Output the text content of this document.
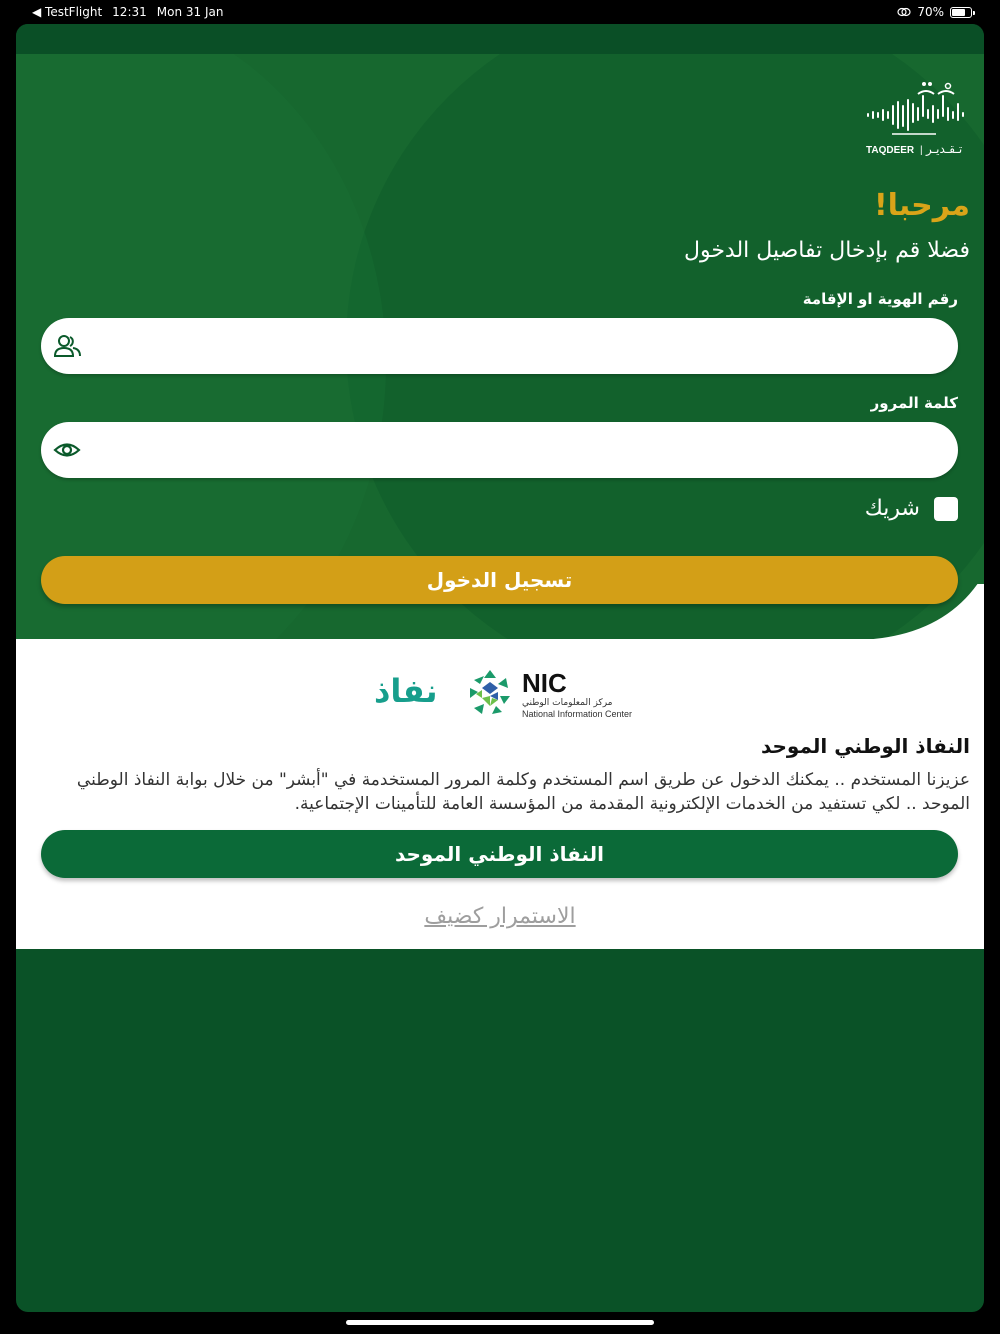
◀ TestFlight 12:31 Mon 31 Jan	70%
TAQDEER | تـقـديـر
مرحبا!
فضلا قم بإدخال تفاصيل الدخول
رقم الهوية او الإقامة
كلمة المرور
شريك
تسجيل الدخول
نفاذ	NIC
مركز المعلومات الوطني
National Information Center
النفاذ الوطني الموحد
عزيزنا المستخدم .. يمكنك الدخول عن طريق اسم المستخدم وكلمة المرور المستخدمة في "أبشر" من خلال بوابة النفاذ الوطني الموحد .. لكي تستفيد من الخدمات الإلكترونية المقدمة من المؤسسة العامة للتأمينات الإجتماعية.
النفاذ الوطني الموحد
الاستمرار كضيف
